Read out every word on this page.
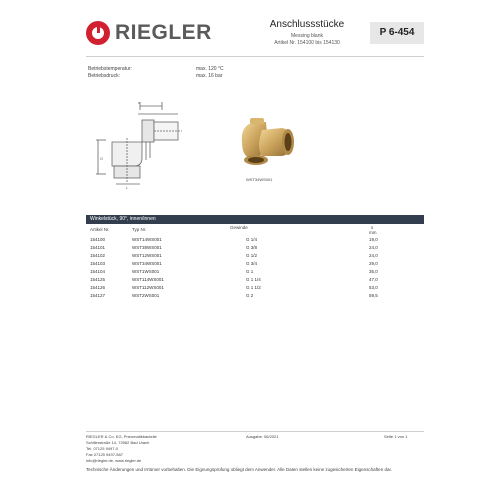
RIEGLER	Anschlussstücke
Messing blank
Artikel Nr. 154100 bis 154130
P 6-454
Betriebstemperatur:	max. 120 °C
Betriebsdruck:	max. 16 bar
s
G
L
WST34WS001
Winkelstück, 90°, innen/innen
Artikel Nr.	Typ Nr.	Gewinde	s
mm
154100	WST14WS001	G 1/4	19,0
154101	WST38WS001	G 3/8	24,0
154102	WST12WS001	G 1/2	24,0
154103	WST34WS001	G 3/4	29,0
154104	WST1WS001	G 1	35,0
154125	WST114WS001	G 1 1/4	47,0
154126	WST112WS001	G 1 1/2	53,0
154127	WST2WS001	G 2	59,5
RIEGLER & Co. KG, Pneumatikbauteile
Schillerstraße 14, 72582 Bad Urach
Tel. 07125 9497-0
Fax 07125 9497-587
info@riegler.de, www.riegler.de
Ausgabe: 06/2021	Seite 1 von 1
Technische Änderungen und Irrtümer vorbehalten. Die Eignungsprüfung obliegt dem Anwender. Alle Daten stellen keine zugesicherten Eigenschaften dar.
